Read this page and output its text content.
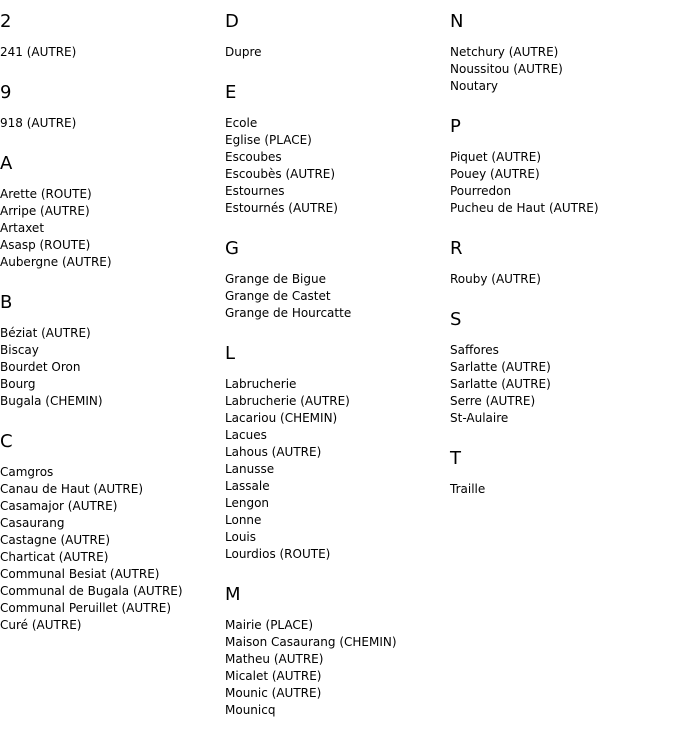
2
241 (AUTRE)
9
918 (AUTRE)
A
Arette (ROUTE)
Arripe (AUTRE)
Artaxet
Asasp (ROUTE)
Aubergne (AUTRE)
B
Béziat (AUTRE)
Biscay
Bourdet Oron
Bourg
Bugala (CHEMIN)
C
Camgros
Canau de Haut (AUTRE)
Casamajor (AUTRE)
Casaurang
Castagne (AUTRE)
Charticat (AUTRE)
Communal Besiat (AUTRE)
Communal de Bugala (AUTRE)
Communal Peruillet (AUTRE)
Curé (AUTRE)
D
Dupre
E
Ecole
Eglise (PLACE)
Escoubes
Escoubès (AUTRE)
Estournes
Estournés (AUTRE)
G
Grange de Bigue
Grange de Castet
Grange de Hourcatte
L
Labrucherie
Labrucherie (AUTRE)
Lacariou (CHEMIN)
Lacues
Lahous (AUTRE)
Lanusse
Lassale
Lengon
Lonne
Louis
Lourdios (ROUTE)
M
Mairie (PLACE)
Maison Casaurang (CHEMIN)
Matheu (AUTRE)
Micalet (AUTRE)
Mounic (AUTRE)
Mounicq
N
Netchury (AUTRE)
Noussitou (AUTRE)
Noutary
P
Piquet (AUTRE)
Pouey (AUTRE)
Pourredon
Pucheu de Haut (AUTRE)
R
Rouby (AUTRE)
S
Saffores
Sarlatte (AUTRE)
Sarlatte (AUTRE)
Serre (AUTRE)
St-Aulaire
T
Traille
